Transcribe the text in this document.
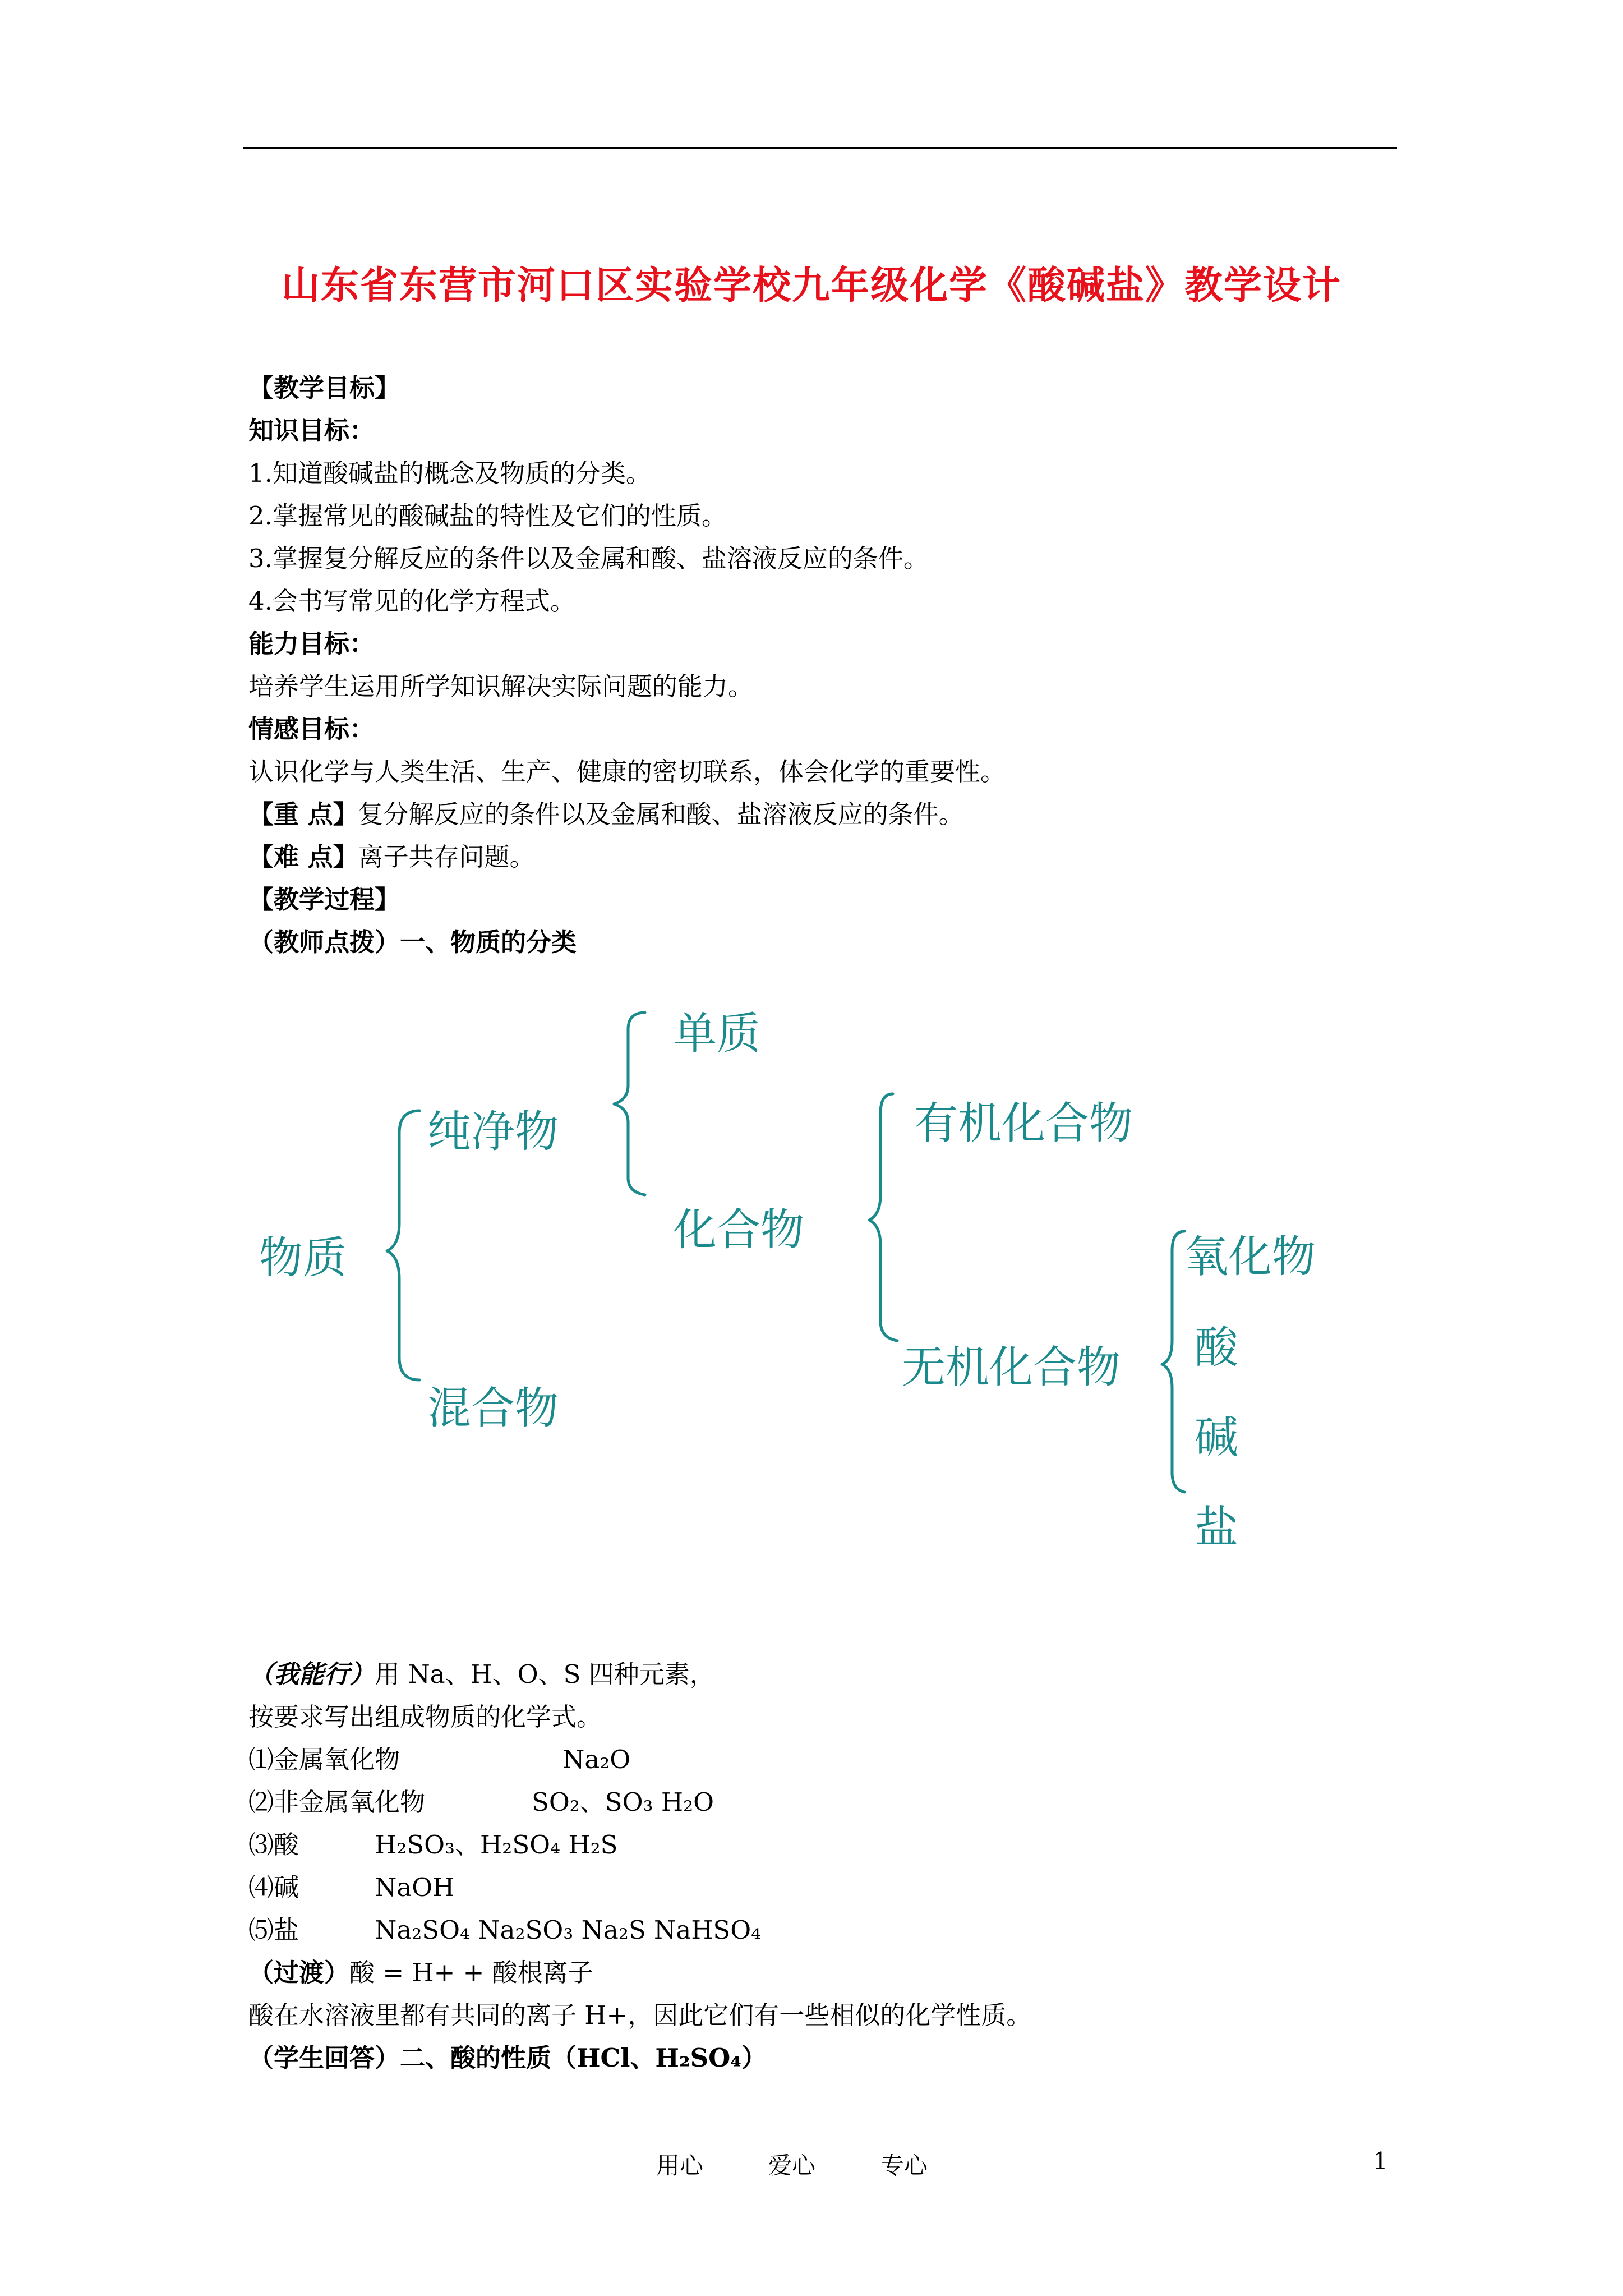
山东省东营市河口区实验学校九年级化学《酸碱盐》教学设计
【教学目标】
知识目标：
1.知道酸碱盐的概念及物质的分类。
2.掌握常见的酸碱盐的特性及它们的性质。
3.掌握复分解反应的条件以及金属和酸、盐溶液反应的条件。
4.会书写常见的化学方程式。
能力目标：
培养学生运用所学知识解决实际问题的能力。
情感目标：
认识化学与人类生活、生产、健康的密切联系，体会化学的重要性。
【重 点】复分解反应的条件以及金属和酸、盐溶液反应的条件。
【难 点】离子共存问题。
【教学过程】
（教师点拨）一、物质的分类
物质
纯净物
混合物
单质
化合物
有机化合物
无机化合物
氧化物
酸
碱
盐
（我能行）用 Na、H、O、S 四种元素，
按要求写出组成物质的化学式。
⑴金属氧化物	Na₂O
⑵非金属氧化物	SO₂、SO₃ H₂O
⑶酸	H₂SO₃、H₂SO₄ H₂S
⑷碱	NaOH
⑸盐	Na₂SO₄ Na₂SO₃ Na₂S NaHSO₄
（过渡）酸 = H+ + 酸根离子
酸在水溶液里都有共同的离子 H+，因此它们有一些相似的化学性质。
（学生回答）二、酸的性质（HCl、H₂SO₄）
用心	爱心	专心	1
